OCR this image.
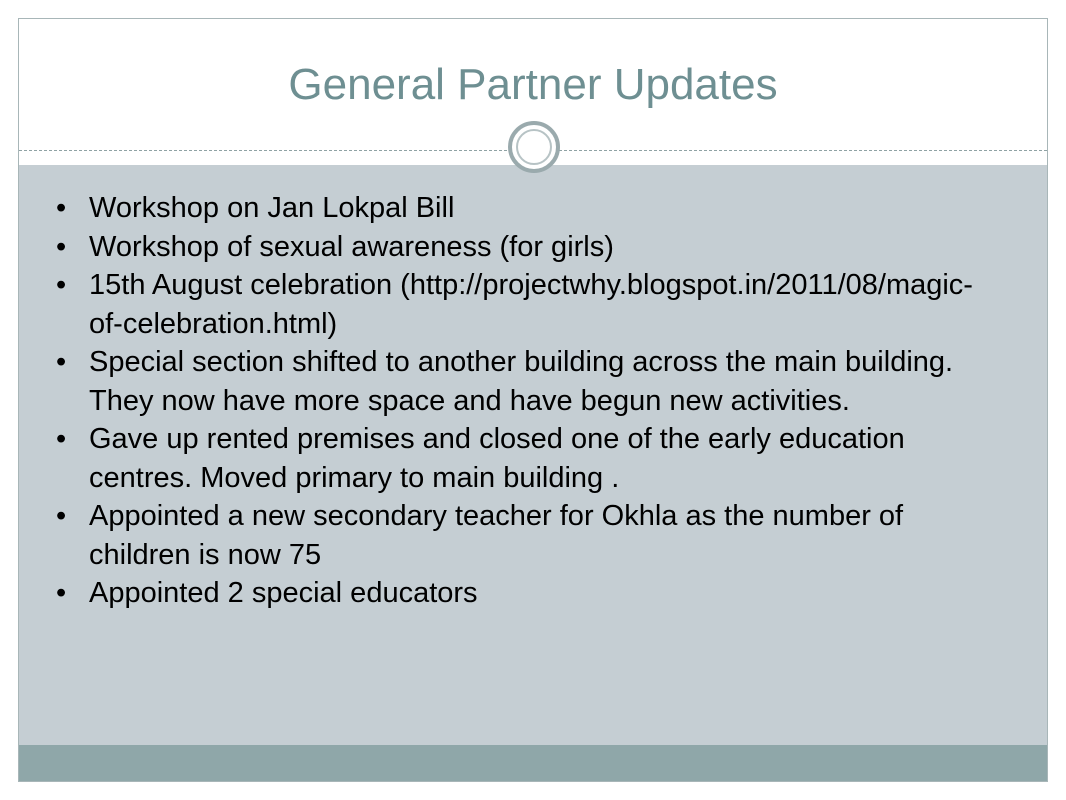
General Partner Updates
• Workshop on Jan Lokpal Bill
• Workshop of sexual awareness (for girls)
• 15th August celebration (http://projectwhy.blogspot.in/2011/08/magic-of-celebration.html)
• Special section shifted to another building across the main building. They now have more space and have begun new activities.
• Gave up rented premises and closed one of the early education centres. Moved primary to main building .
• Appointed a new secondary teacher for Okhla as the number of children is now 75
• Appointed 2 special educators
